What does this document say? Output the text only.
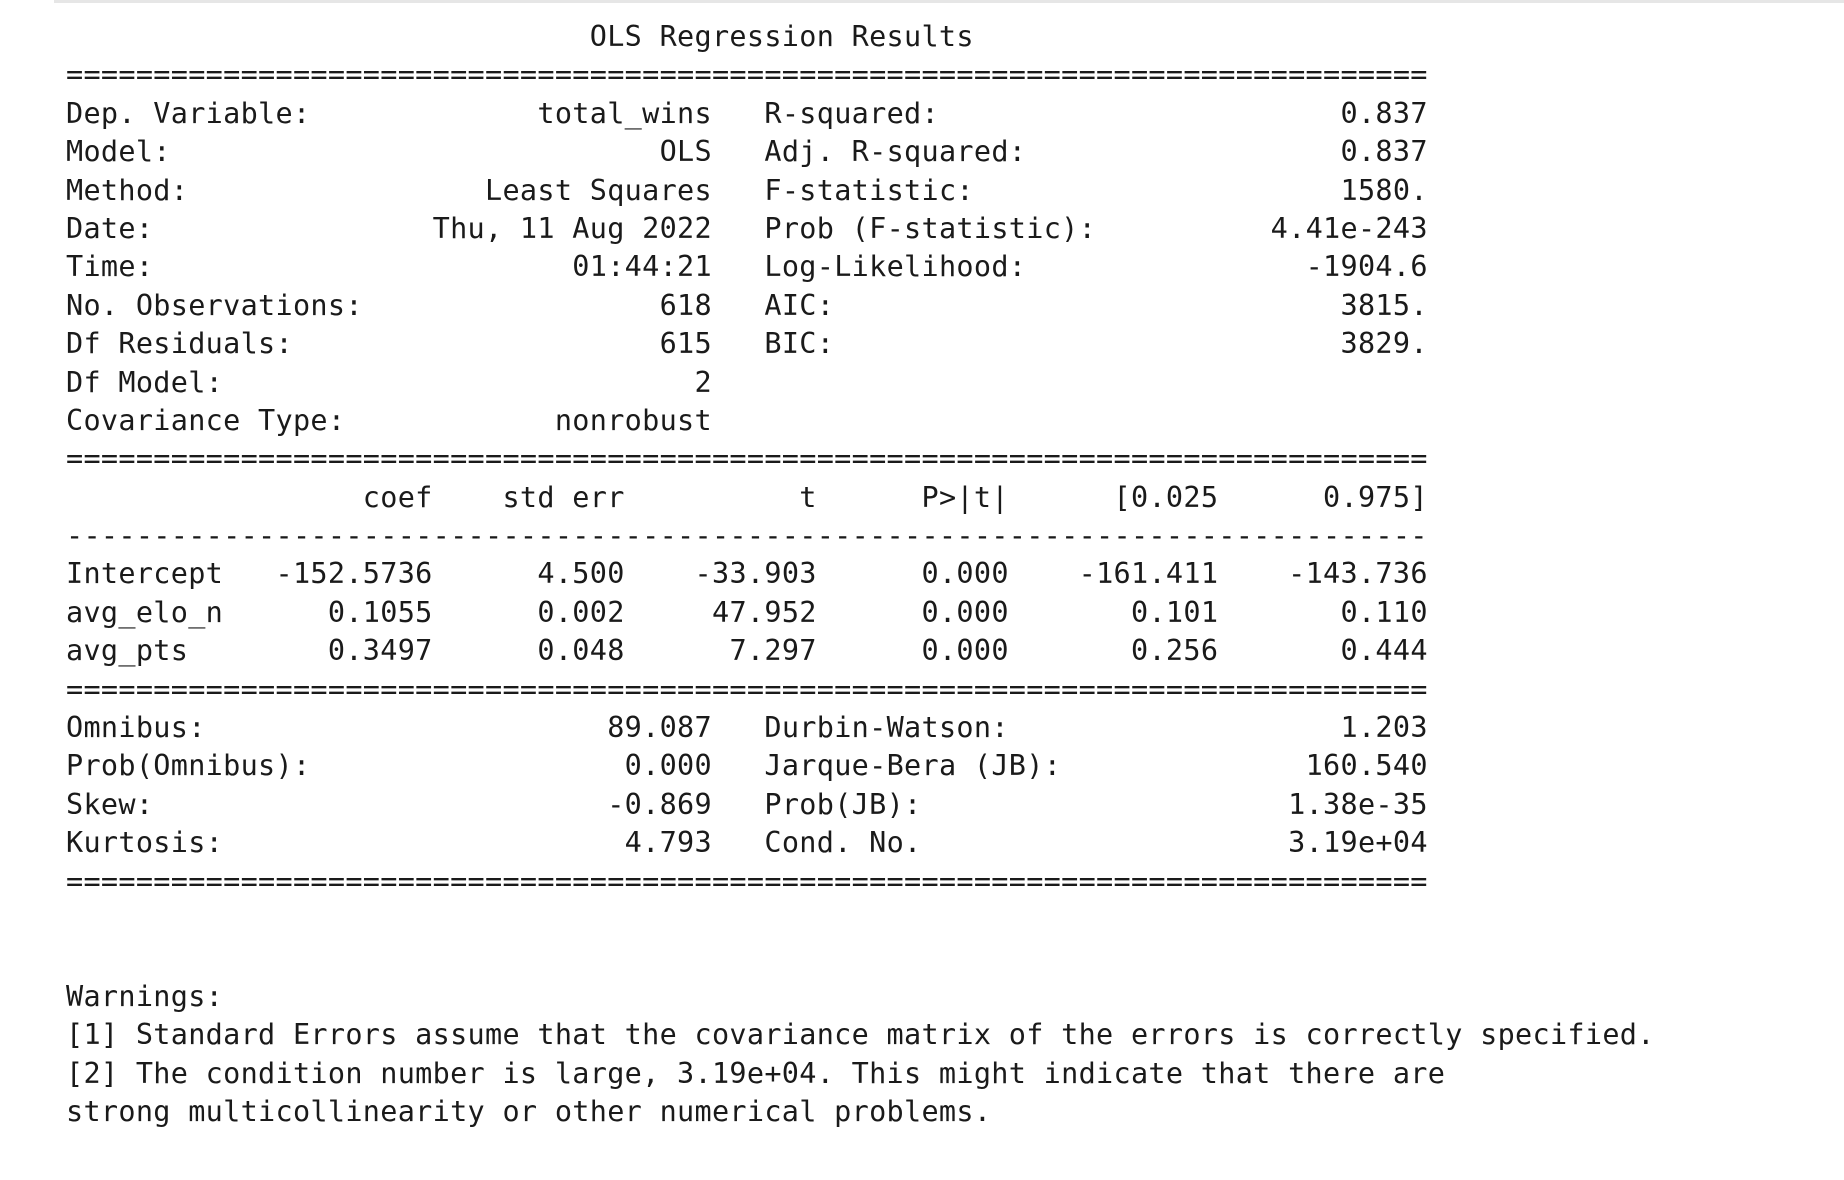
OLS Regression Results
==============================================================================
Dep. Variable:             total_wins R-squared:                       0.837
Model:                            OLS Adj. R-squared:                  0.837
Method:                 Least Squares F-statistic:                     1580.
Date:                Thu, 11 Aug 2022 Prob (F-statistic):          4.41e-243
Time:                        01:44:21 Log-Likelihood:                -1904.6
No. Observations:                 618 AIC:                             3815.
Df Residuals:                     615 BIC:                             3829.
Df Model:                           2
Covariance Type:            nonrobust
==============================================================================
coef    std err          t      P>|t|      [0.025      0.975]
------------------------------------------------------------------------------
Intercept   -152.5736      4.500    -33.903      0.000    -161.411    -143.736
avg_elo_n      0.1055      0.002     47.952      0.000       0.101       0.110
avg_pts        0.3497      0.048      7.297      0.000       0.256       0.444
==============================================================================
Omnibus:                       89.087 Durbin-Watson:                   1.203
Prob(Omnibus):                  0.000 Jarque-Bera (JB):              160.540
Skew:                          -0.869 Prob(JB):                     1.38e-35
Kurtosis:                       4.793 Cond. No.                     3.19e+04
==============================================================================

Warnings:
[1] Standard Errors assume that the covariance matrix of the errors is correctly specified.
[2] The condition number is large, 3.19e+04. This might indicate that there are
strong multicollinearity or other numerical problems.
